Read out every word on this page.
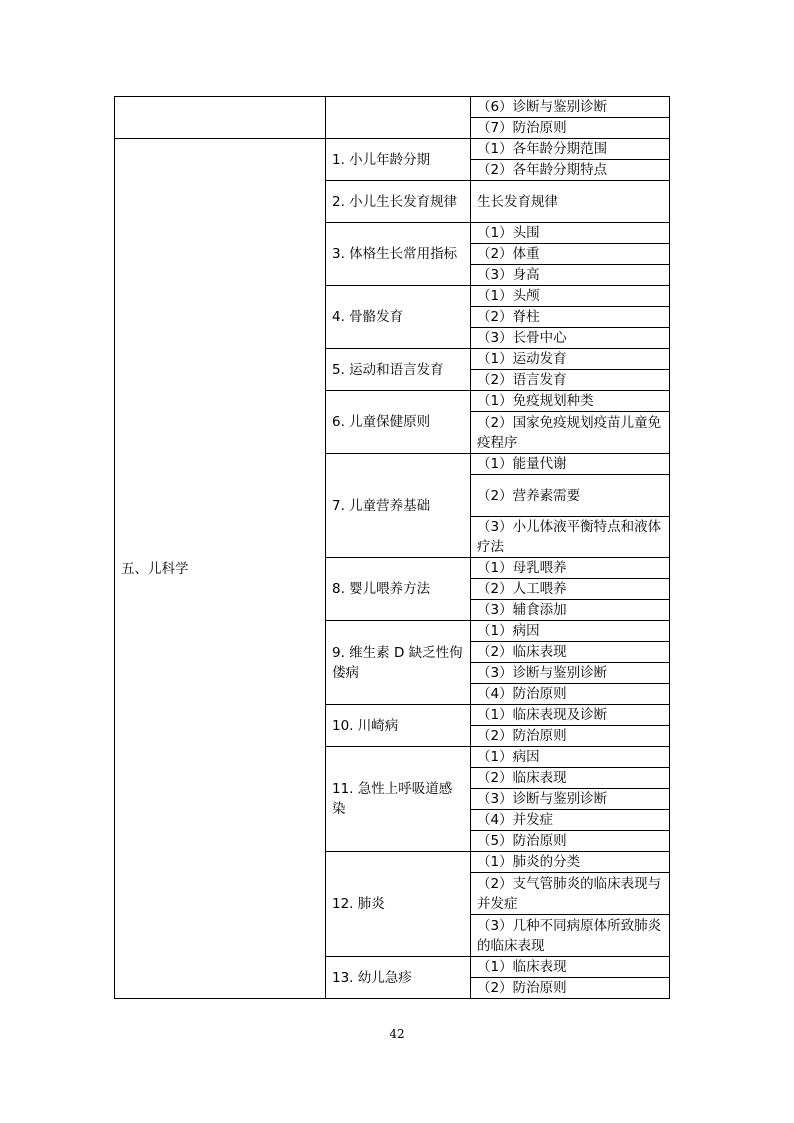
		（6）诊断与鉴别诊断
		（7）防治原则
五、儿科学	1. 小儿年龄分期	（1）各年龄分期范围
		（2）各年龄分期特点
	2. 小儿生长发育规律	生长发育规律
	3. 体格生长常用指标	（1）头围
		（2）体重
		（3）身高
	4. 骨骼发育	（1）头颅
		（2）脊柱
		（3）长骨中心
	5. 运动和语言发育	（1）运动发育
		（2）语言发育
	6. 儿童保健原则	（1）免疫规划种类
		（2）国家免疫规划疫苗儿童免疫程序
	7. 儿童营养基础	（1）能量代谢
		（2）营养素需要
		（3）小儿体液平衡特点和液体疗法
	8. 婴儿喂养方法	（1）母乳喂养
		（2）人工喂养
		（3）辅食添加
	9. 维生素 D 缺乏性佝偻病	（1）病因
		（2）临床表现
		（3）诊断与鉴别诊断
		（4）防治原则
	10. 川崎病	（1）临床表现及诊断
		（2）防治原则
	11. 急性上呼吸道感染	（1）病因
		（2）临床表现
		（3）诊断与鉴别诊断
		（4）并发症
		（5）防治原则
	12. 肺炎	（1）肺炎的分类
		（2）支气管肺炎的临床表现与并发症
		（3）几种不同病原体所致肺炎的临床表现
	13. 幼儿急疹	（1）临床表现
		（2）防治原则
42
